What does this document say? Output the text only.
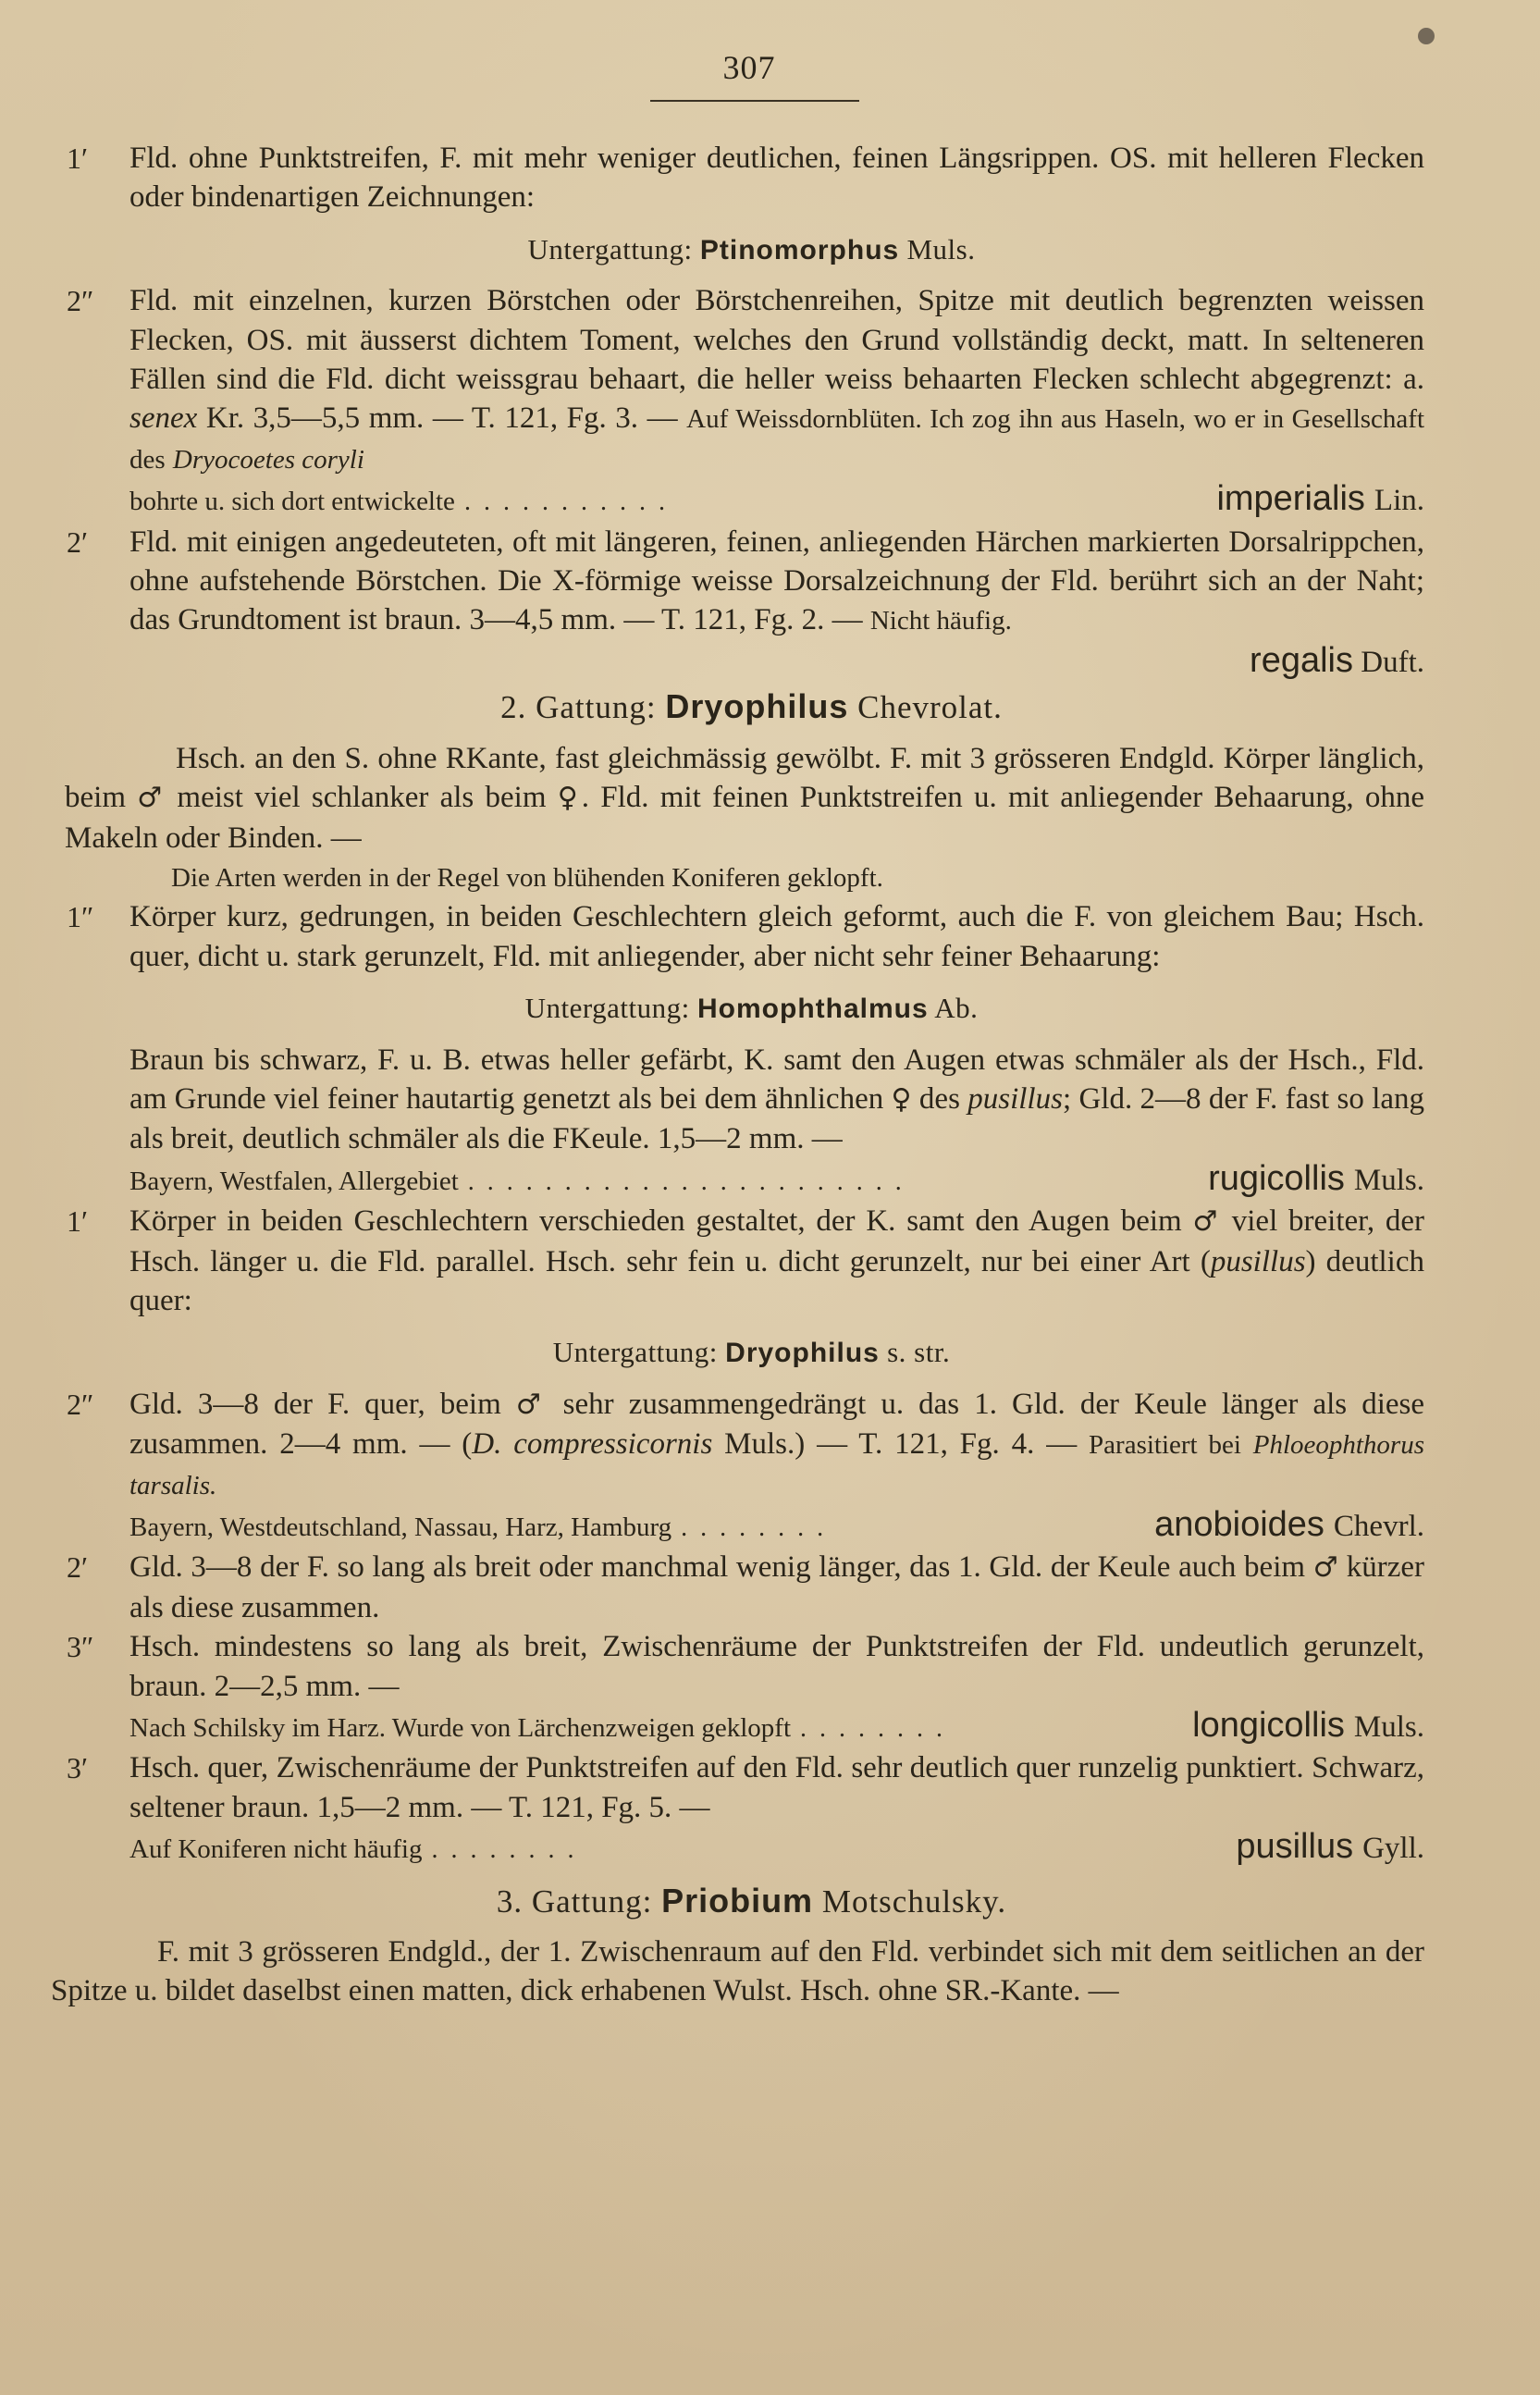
307
1′	Fld. ohne Punktstreifen, F. mit mehr weniger deutlichen, feinen Längsrippen. OS. mit helleren Flecken oder bindenartigen Zeichnungen:
Untergattung: Ptinomorphus Muls.
2″	Fld. mit einzelnen, kurzen Börstchen oder Börstchenreihen, Spitze mit deutlich begrenzten weissen Flecken, OS. mit äusserst dichtem Toment, welches den Grund vollständig deckt, matt. In selteneren Fällen sind die Fld. dicht weissgrau behaart, die heller weiss behaarten Flecken schlecht abgegrenzt: a. senex Kr. 3,5—5,5 mm. — T. 121, Fg. 3. — Auf Weissdornblüten. Ich zog ihn aus Haseln, wo er in Gesellschaft des Dryocoetes coryli
bohrte u. sich dort entwickelte ...........	imperialis Lin.
2′	Fld. mit einigen angedeuteten, oft mit längeren, feinen, anliegenden Härchen markierten Dorsalrippchen, ohne aufstehende Börstchen. Die X-förmige weisse Dorsalzeichnung der Fld. berührt sich an der Naht; das Grundtoment ist braun. 3—4,5 mm. — T. 121, Fg. 2. — Nicht häufig.
regalis Duft.
2. Gattung: Dryophilus Chevrolat.
Hsch. an den S. ohne RKante, fast gleichmässig gewölbt. F. mit 3 grösseren Endgld. Körper länglich, beim ♂ meist viel schlanker als beim ♀. Fld. mit feinen Punktstreifen u. mit anliegender Behaarung, ohne Makeln oder Binden. —
Die Arten werden in der Regel von blühenden Koniferen geklopft.
1″	Körper kurz, gedrungen, in beiden Geschlechtern gleich geformt, auch die F. von gleichem Bau; Hsch. quer, dicht u. stark gerunzelt, Fld. mit anliegender, aber nicht sehr feiner Behaarung:
Untergattung: Homophthalmus Ab.
Braun bis schwarz, F. u. B. etwas heller gefärbt, K. samt den Augen etwas schmäler als der Hsch., Fld. am Grunde viel feiner hautartig genetzt als bei dem ähnlichen ♀ des pusillus; Gld. 2—8 der F. fast so lang als breit, deutlich schmäler als die FKeule. 1,5—2 mm. —
Bayern, Westfalen, Allergebiet .......................	rugicollis Muls.
1′	Körper in beiden Geschlechtern verschieden gestaltet, der K. samt den Augen beim ♂ viel breiter, der Hsch. länger u. die Fld. parallel. Hsch. sehr fein u. dicht gerunzelt, nur bei einer Art (pusillus) deutlich quer:
Untergattung: Dryophilus s. str.
2″	Gld. 3—8 der F. quer, beim ♂ sehr zusammengedrängt u. das 1. Gld. der Keule länger als diese zusammen. 2—4 mm. — (D. compressicornis Muls.) — T. 121, Fg. 4. — Parasitiert bei Phloeophthorus tarsalis.
Bayern, Westdeutschland, Nassau, Harz, Hamburg ........	anobioides Chevrl.
2′	Gld. 3—8 der F. so lang als breit oder manchmal wenig länger, das 1. Gld. der Keule auch beim ♂ kürzer als diese zusammen.
3″	Hsch. mindestens so lang als breit, Zwischenräume der Punktstreifen der Fld. undeutlich gerunzelt, braun. 2—2,5 mm. —
Nach Schilsky im Harz. Wurde von Lärchenzweigen geklopft ........	longicollis Muls.
3′	Hsch. quer, Zwischenräume der Punktstreifen auf den Fld. sehr deutlich quer runzelig punktiert. Schwarz, seltener braun. 1,5—2 mm. — T. 121, Fg. 5. —
Auf Koniferen nicht häufig ........	pusillus Gyll.
3. Gattung: Priobium Motschulsky.
F. mit 3 grösseren Endgld., der 1. Zwischenraum auf den Fld. verbindet sich mit dem seitlichen an der Spitze u. bildet daselbst einen matten, dick erhabenen Wulst. Hsch. ohne SR.-Kante. —
